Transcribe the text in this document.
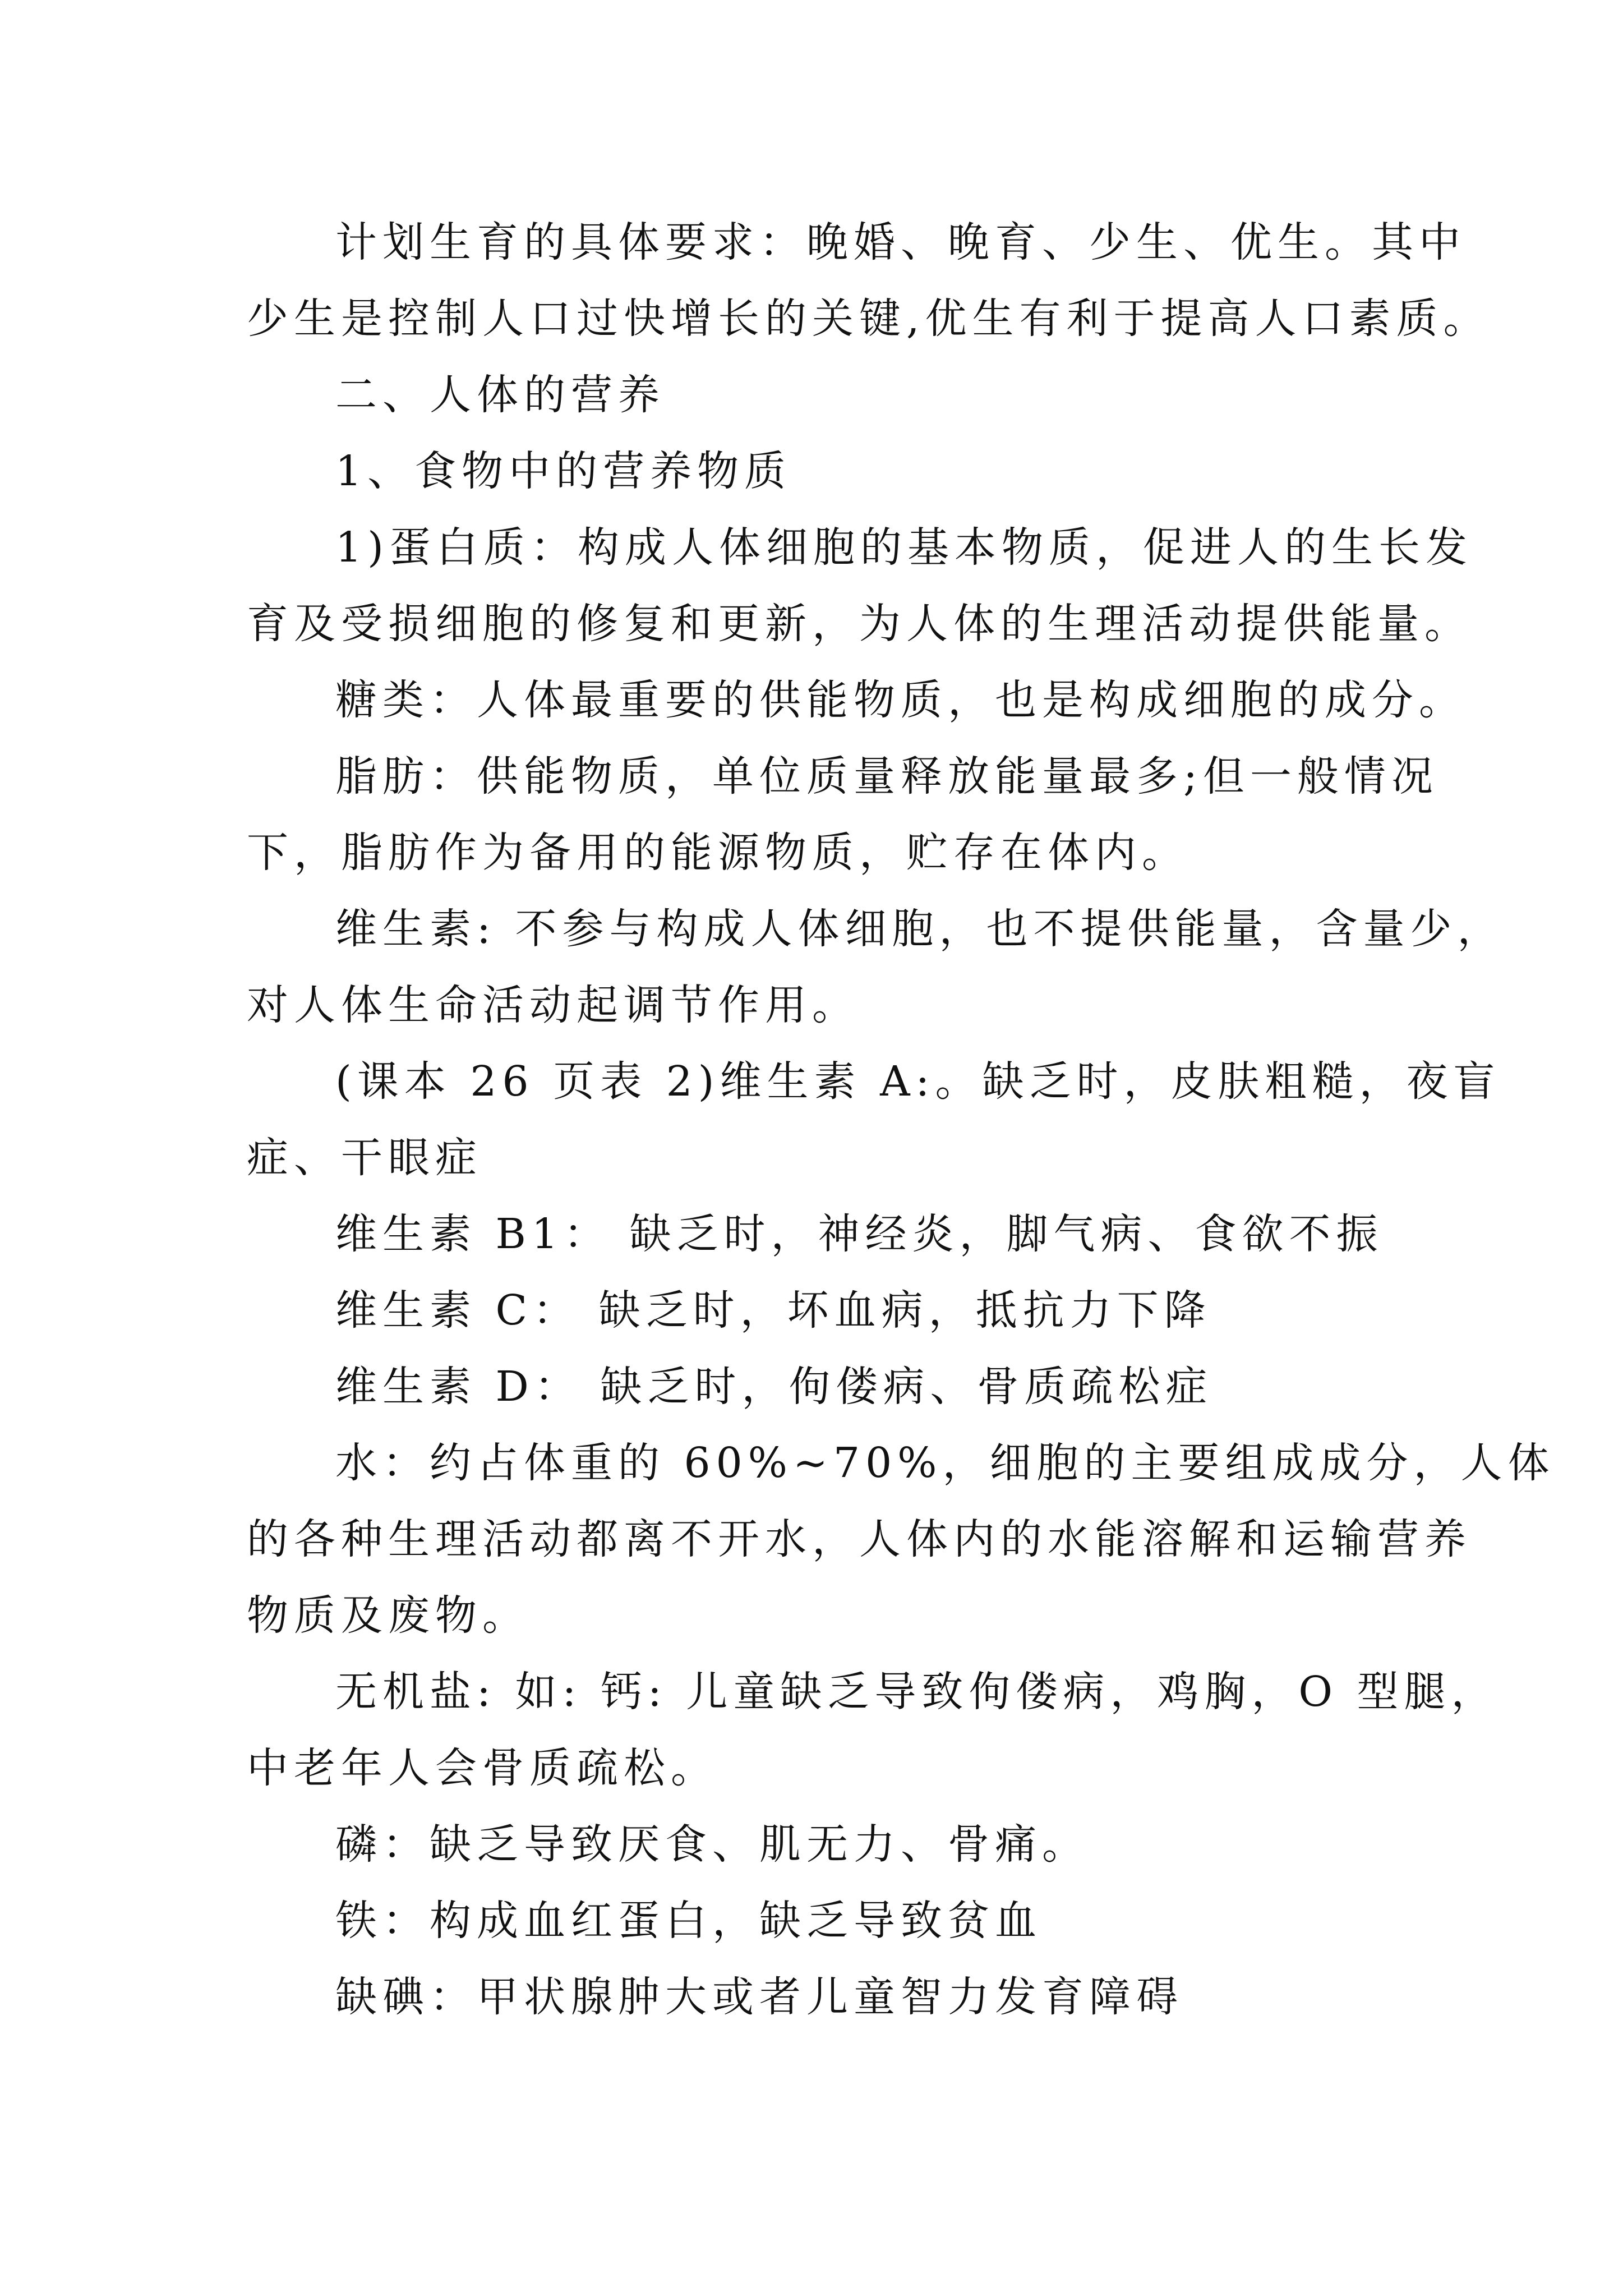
计划生育的具体要求：晚婚、晚育、少生、优生。其中
少生是控制人口过快增长的关键,优生有利于提高人口素质。
二、人体的营养
1、食物中的营养物质
1)蛋白质：构成人体细胞的基本物质，促进人的生长发
育及受损细胞的修复和更新，为人体的生理活动提供能量。
糖类：人体最重要的供能物质，也是构成细胞的成分。
脂肪：供能物质，单位质量释放能量最多;但一般情况
下，脂肪作为备用的能源物质，贮存在体内。
维生素: 不参与构成人体细胞，也不提供能量，含量少，
对人体生命活动起调节作用。
(课本 26 页表 2)维生素 A:。缺乏时，皮肤粗糙，夜盲
症、干眼症
维生素 B1： 缺乏时，神经炎，脚气病、食欲不振
维生素 C： 缺乏时，坏血病，抵抗力下降
维生素 D： 缺乏时，佝偻病、骨质疏松症
水：约占体重的 60%~70%，细胞的主要组成成分，人体
的各种生理活动都离不开水，人体内的水能溶解和运输营养
物质及废物。
无机盐: 如: 钙: 儿童缺乏导致佝偻病，鸡胸，O 型腿，
中老年人会骨质疏松。
磷：缺乏导致厌食、肌无力、骨痛。
铁：构成血红蛋白，缺乏导致贫血
缺碘：甲状腺肿大或者儿童智力发育障碍
